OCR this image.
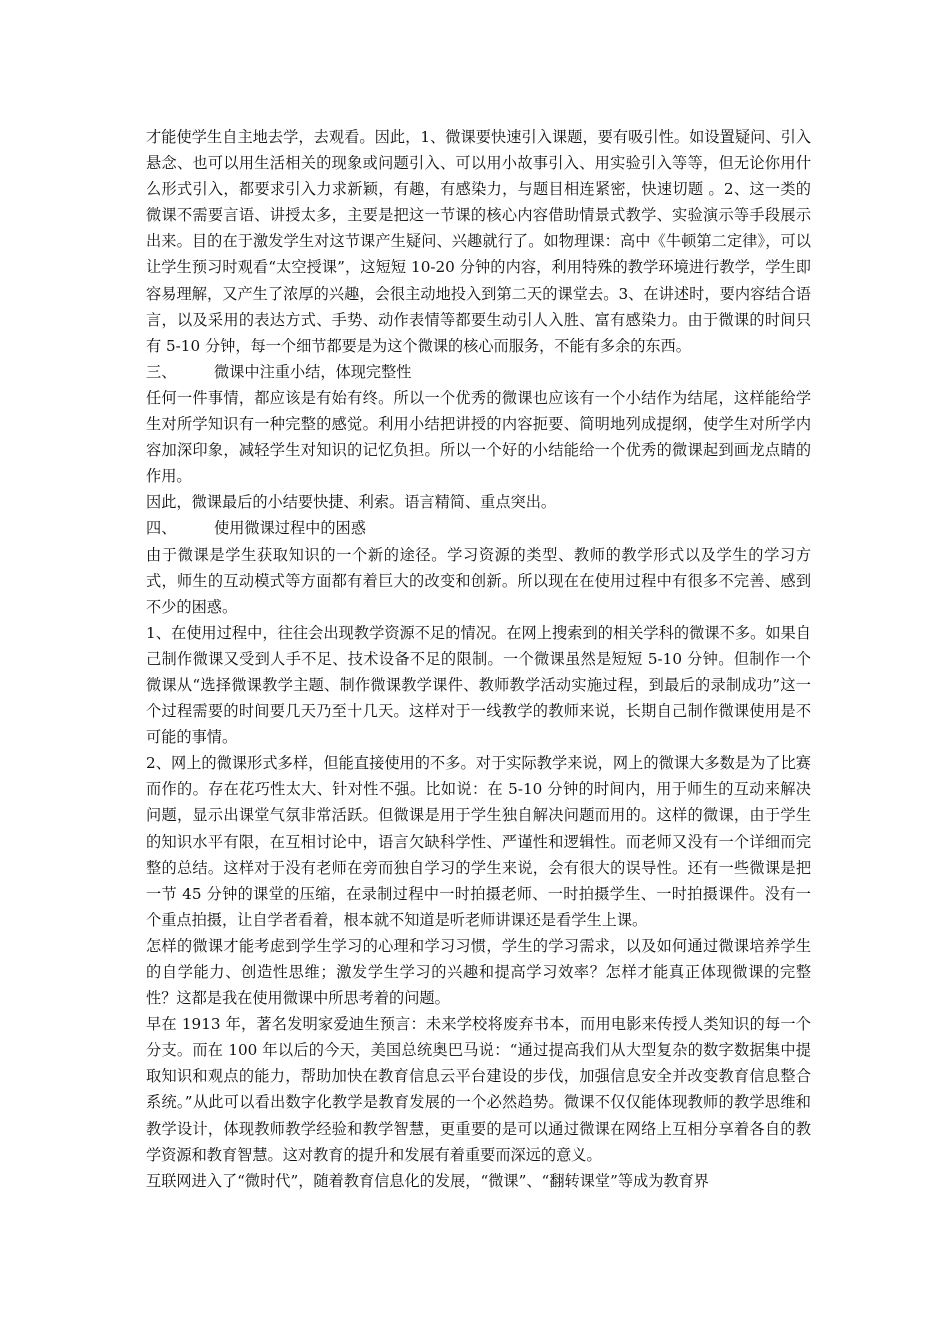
才能使学生自主地去学，去观看。因此，1、微课要快速引入课题，要有吸引性。如设置疑问、引入悬念、也可以用生活相关的现象或问题引入、可以用小故事引入、用实验引入等等，但无论你用什么形式引入，都要求引入力求新颖，有趣，有感染力，与题目相连紧密，快速切题 。2、这一类的微课不需要言语、讲授太多，主要是把这一节课的核心内容借助情景式教学、实验演示等手段展示出来。目的在于激发学生对这节课产生疑问、兴趣就行了。如物理课：高中《牛顿第二定律》，可以让学生预习时观看“太空授课”，这短短 10-20 分钟的内容，利用特殊的教学环境进行教学，学生即容易理解，又产生了浓厚的兴趣，会很主动地投入到第二天的课堂去。3、在讲述时，要内容结合语言，以及采用的表达方式、手势、动作表情等都要生动引人入胜、富有感染力。由于微课的时间只有 5-10 分钟，每一个细节都要是为这个微课的核心而服务，不能有多余的东西。

三、 微课中注重小结，体现完整性

任何一件事情，都应该是有始有终。所以一个优秀的微课也应该有一个小结作为结尾，这样能给学生对所学知识有一种完整的感觉。利用小结把讲授的内容扼要、简明地列成提纲，使学生对所学内容加深印象，减轻学生对知识的记忆负担。所以一个好的小结能给一个优秀的微课起到画龙点睛的作用。

因此，微课最后的小结要快捷、利索。语言精简、重点突出。

四、 使用微课过程中的困惑

由于微课是学生获取知识的一个新的途径。学习资源的类型、教师的教学形式以及学生的学习方式，师生的互动模式等方面都有着巨大的改变和创新。所以现在在使用过程中有很多不完善、感到不少的困惑。

1、在使用过程中，往往会出现教学资源不足的情况。在网上搜索到的相关学科的微课不多。如果自己制作微课又受到人手不足、技术设备不足的限制。一个微课虽然是短短 5-10 分钟。但制作一个微课从“选择微课教学主题、制作微课教学课件、教师教学活动实施过程，到最后的录制成功”这一个过程需要的时间要几天乃至十几天。这样对于一线教学的教师来说，长期自己制作微课使用是不可能的事情。

2、网上的微课形式多样，但能直接使用的不多。对于实际教学来说，网上的微课大多数是为了比赛而作的。存在花巧性太大、针对性不强。比如说：在 5-10 分钟的时间内，用于师生的互动来解决问题，显示出课堂气氛非常活跃。但微课是用于学生独自解决问题而用的。这样的微课，由于学生的知识水平有限，在互相讨论中，语言欠缺科学性、严谨性和逻辑性。而老师又没有一个详细而完整的总结。这样对于没有老师在旁而独自学习的学生来说，会有很大的误导性。还有一些微课是把一节 45 分钟的课堂的压缩，在录制过程中一时拍摄老师、一时拍摄学生、一时拍摄课件。没有一个重点拍摄，让自学者看着，根本就不知道是听老师讲课还是看学生上课。

怎样的微课才能考虑到学生学习的心理和学习习惯，学生的学习需求，以及如何通过微课培养学生的自学能力、创造性思维；激发学生学习的兴趣和提高学习效率？怎样才能真正体现微课的完整性？这都是我在使用微课中所思考着的问题。

早在 1913 年，著名发明家爱迪生预言：未来学校将废弃书本，而用电影来传授人类知识的每一个分支。而在 100 年以后的今天，美国总统奥巴马说：“通过提高我们从大型复杂的数字数据集中提取知识和观点的能力，帮助加快在教育信息云平台建设的步伐，加强信息安全并改变教育信息整合系统。”从此可以看出数字化教学是教育发展的一个必然趋势。微课不仅仅能体现教师的教学思维和教学设计，体现教师教学经验和教学智慧，更重要的是可以通过微课在网络上互相分享着各自的教学资源和教育智慧。这对教育的提升和发展有着重要而深远的意义。

互联网进入了“微时代”，随着教育信息化的发展，“微课”、“翻转课堂”等成为教育界
